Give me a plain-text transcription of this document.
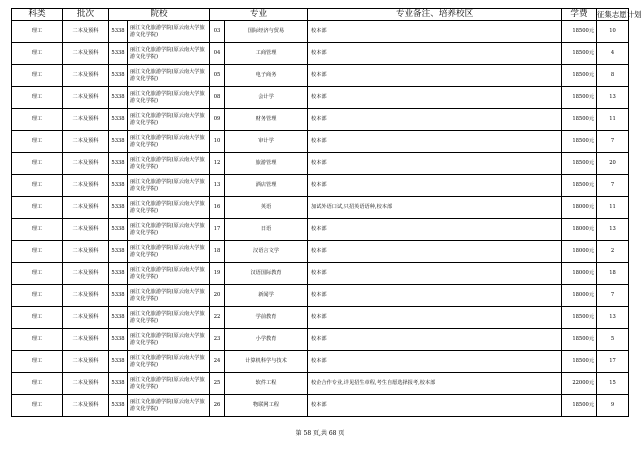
科类	批次	院校		专业		专业备注、培养校区	学费	征集志愿计划
理工	二本及预科	5338	丽江文化旅游学院(原云南大学旅游文化学院)	03	国际经济与贸易	校本部	18500元	10
理工	二本及预科	5338	丽江文化旅游学院(原云南大学旅游文化学院)	04	工商管理	校本部	18500元	4
理工	二本及预科	5338	丽江文化旅游学院(原云南大学旅游文化学院)	05	电子商务	校本部	18500元	8
理工	二本及预科	5338	丽江文化旅游学院(原云南大学旅游文化学院)	08	会计学	校本部	18500元	13
理工	二本及预科	5338	丽江文化旅游学院(原云南大学旅游文化学院)	09	财务管理	校本部	18500元	11
理工	二本及预科	5338	丽江文化旅游学院(原云南大学旅游文化学院)	10	审计学	校本部	18500元	7
理工	二本及预科	5338	丽江文化旅游学院(原云南大学旅游文化学院)	12	旅游管理	校本部	18500元	20
理工	二本及预科	5338	丽江文化旅游学院(原云南大学旅游文化学院)	13	酒店管理	校本部	18500元	7
理工	二本及预科	5338	丽江文化旅游学院(原云南大学旅游文化学院)	16	英语	加试外语口试,只招英语语种,校本部	18000元	11
理工	二本及预科	5338	丽江文化旅游学院(原云南大学旅游文化学院)	17	日语	校本部	18000元	13
理工	二本及预科	5338	丽江文化旅游学院(原云南大学旅游文化学院)	18	汉语言文学	校本部	18000元	2
理工	二本及预科	5338	丽江文化旅游学院(原云南大学旅游文化学院)	19	汉语国际教育	校本部	18000元	18
理工	二本及预科	5338	丽江文化旅游学院(原云南大学旅游文化学院)	20	新闻学	校本部	18000元	7
理工	二本及预科	5338	丽江文化旅游学院(原云南大学旅游文化学院)	22	学前教育	校本部	18500元	13
理工	二本及预科	5338	丽江文化旅游学院(原云南大学旅游文化学院)	23	小学教育	校本部	18500元	5
理工	二本及预科	5338	丽江文化旅游学院(原云南大学旅游文化学院)	24	计算机科学与技术	校本部	18500元	17
理工	二本及预科	5338	丽江文化旅游学院(原云南大学旅游文化学院)	25	软件工程	校企合作专业,详见招生章程,考生自愿选择报考,校本部	22000元	15
理工	二本及预科	5338	丽江文化旅游学院(原云南大学旅游文化学院)	26	物联网工程	校本部	18500元	9
第 58 页,共 68 页
